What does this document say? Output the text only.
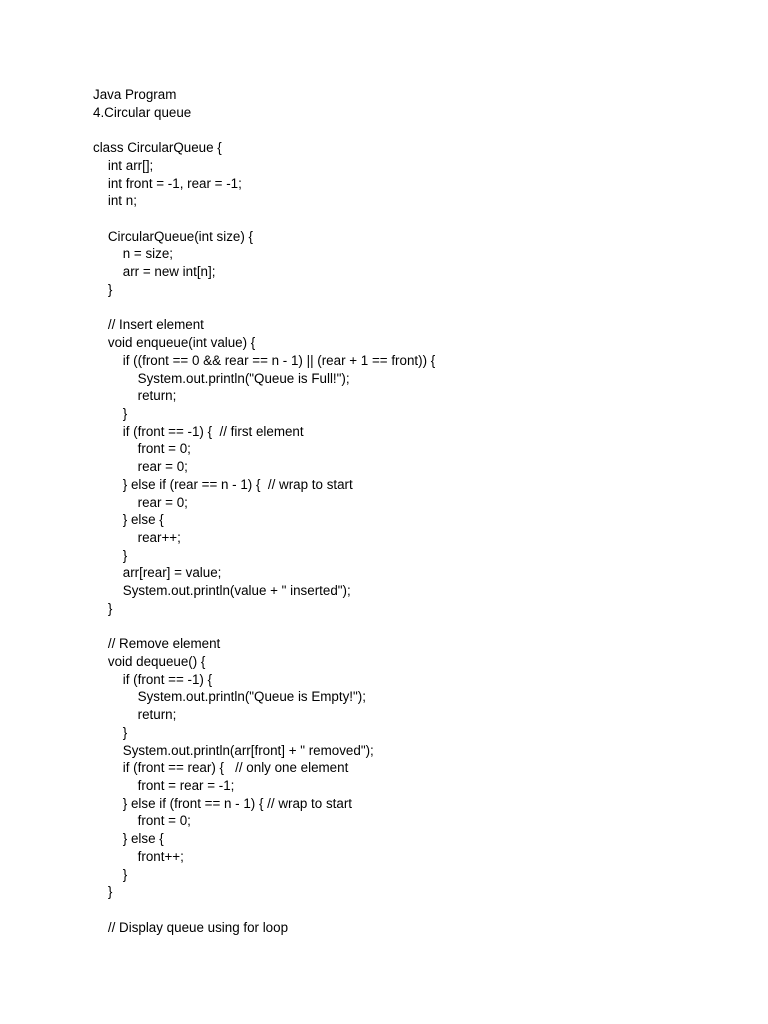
Java Program
4.Circular queue
class CircularQueue {
int arr[];
int front = -1, rear = -1;
int n;
CircularQueue(int size) {
n = size;
arr = new int[n];
}
// Insert element
void enqueue(int value) {
if ((front == 0 && rear == n - 1) || (rear + 1 == front)) {
System.out.println("Queue is Full!");
return;
}
if (front == -1) {  // first element
front = 0;
rear = 0;
} else if (rear == n - 1) {  // wrap to start
rear = 0;
} else {
rear++;
}
arr[rear] = value;
System.out.println(value + " inserted");
}
// Remove element
void dequeue() {
if (front == -1) {
System.out.println("Queue is Empty!");
return;
}
System.out.println(arr[front] + " removed");
if (front == rear) {   // only one element
front = rear = -1;
} else if (front == n - 1) { // wrap to start
front = 0;
} else {
front++;
}
}
// Display queue using for loop
